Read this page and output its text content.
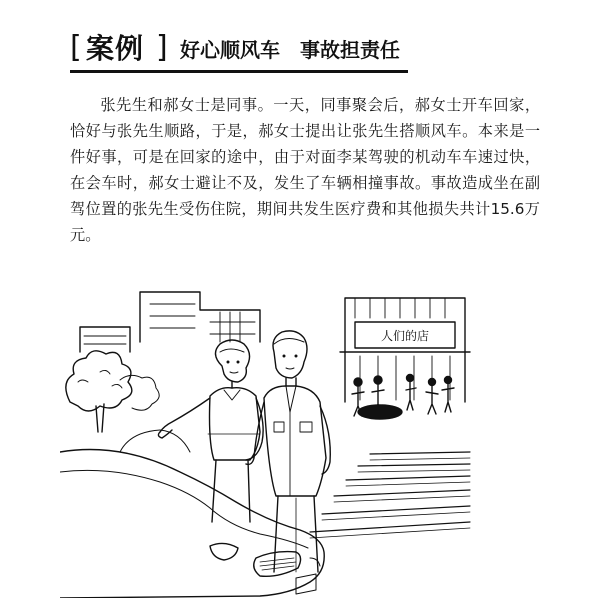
[ 案例 ] 好心顺风车　事故担责任

张先生和郝女士是同事。一天，同事聚会后，郝女士开车回家，恰好与张先生顺路，于是，郝女士提出让张先生搭顺风车。本来是一件好事，可是在回家的途中，由于对面李某驾驶的机动车车速过快，在会车时，郝女士避让不及，发生了车辆相撞事故。事故造成坐在副驾位置的张先生受伤住院，期间共发生医疗费和其他损失共计15.6万元。

人们的店
